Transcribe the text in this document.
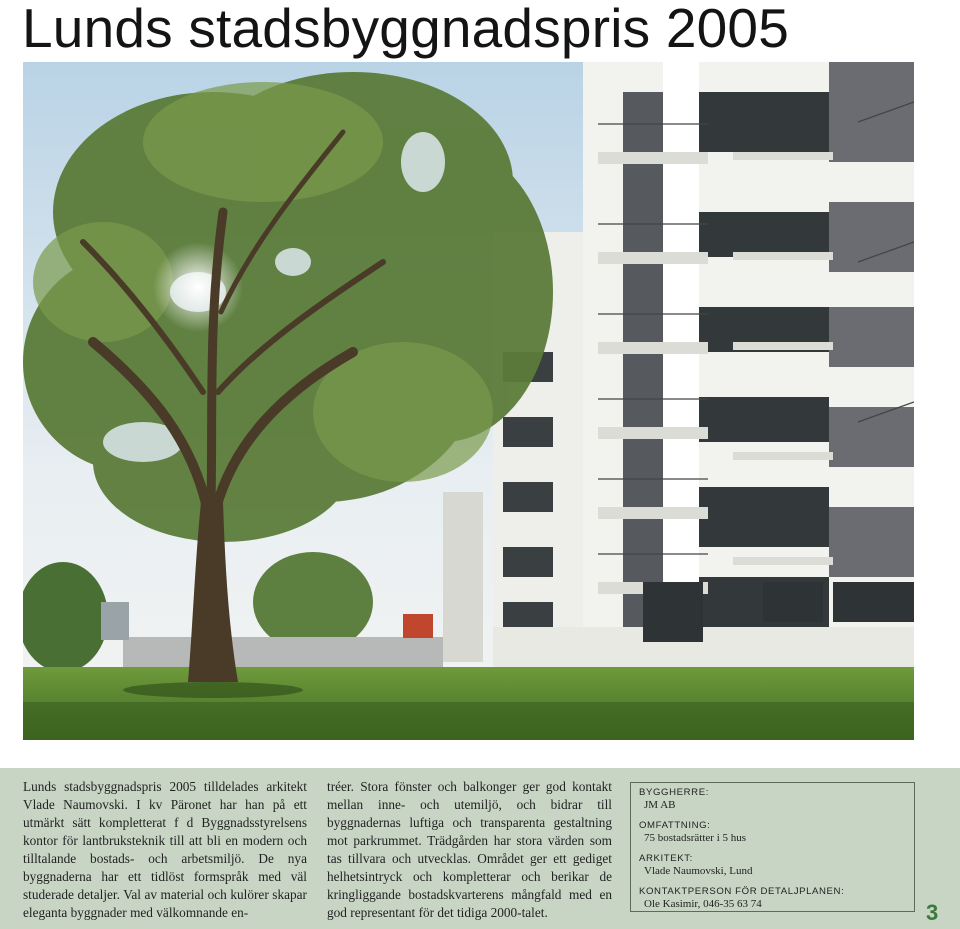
Lunds stadsbyggnadspris 2005

Lunds stadsbyggnadspris 2005 tilldelades arkitekt Vlade Naumovski. I kv Päronet har han på ett utmärkt sätt kompletterat f d Byggnadsstyrelsens kontor för lantbruksteknik till att bli en modern och tilltalande bostads- och arbetsmiljö. De nya byggnaderna har ett tidlöst formspråk med väl studerade detaljer. Val av material och kulörer skapar eleganta byggnader med välkomnande en-

tréer. Stora fönster och balkonger ger god kontakt mellan inne- och utemiljö, och bidrar till byggnadernas luftiga och transparenta gestaltning mot parkrummet. Trädgården har stora värden som tas tillvara och utvecklas. Området ger ett gediget helhetsintryck och kompletterar och berikar de kringliggande bostadskvarterens mångfald med en god representant för det tidiga 2000-talet.

BYGGHERRE:
JM AB
OMFATTNING:
75 bostadsrätter i 5 hus
ARKITEKT:
Vlade Naumovski, Lund
KONTAKTPERSON FÖR DETALJPLANEN:
Ole Kasimir, 046-35 63 74	3
